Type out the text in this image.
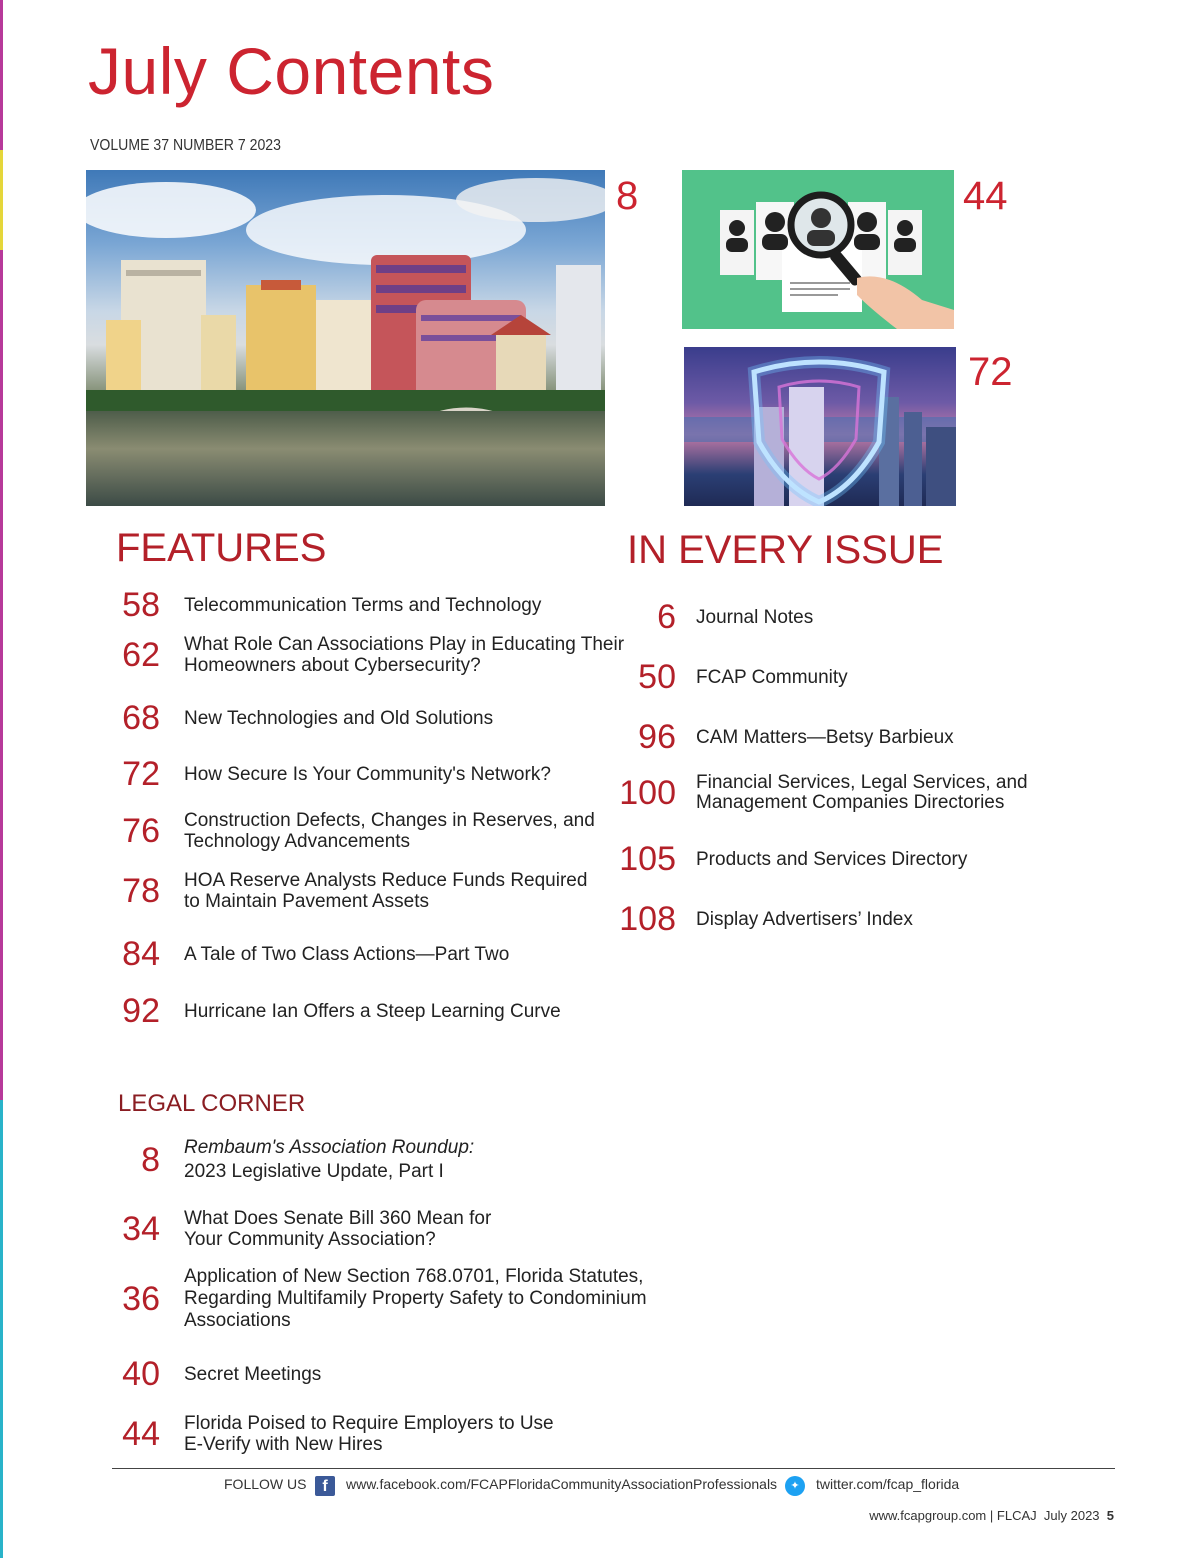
July Contents
VOLUME 37 NUMBER 7 2023
8	44
72
FEATURES
58 Telecommunication Terms and Technology
62 What Role Can Associations Play in Educating Their
Homeowners about Cybersecurity?
68 New Technologies and Old Solutions
72 How Secure Is Your Community's Network?
76 Construction Defects, Changes in Reserves, and
Technology Advancements
78 HOA Reserve Analysts Reduce Funds Required
to Maintain Pavement Assets
84 A Tale of Two Class Actions—Part Two
92 Hurricane Ian Offers a Steep Learning Curve
IN EVERY ISSUE
6 Journal Notes
50 FCAP Community
96 CAM Matters—Betsy Barbieux
100 Financial Services, Legal Services, and
Management Companies Directories
105 Products and Services Directory
108 Display Advertisers’ Index
LEGAL CORNER
8 Rembaum's Association Roundup:
2023 Legislative Update, Part I
34 What Does Senate Bill 360 Mean for
Your Community Association?
36
Application of New Section 768.0701, Florida Statutes,
Regarding Multifamily Property Safety to Condominium
Associations
40 Secret Meetings
44 Florida Poised to Require Employers to Use
E-Verify with New Hires
FOLLOW US f	www.facebook.com/FCAPFloridaCommunityAssociationProfessionals	✦	twitter.com/fcap_florida
www.fcapgroup.com | FLCAJ July 2023 5
